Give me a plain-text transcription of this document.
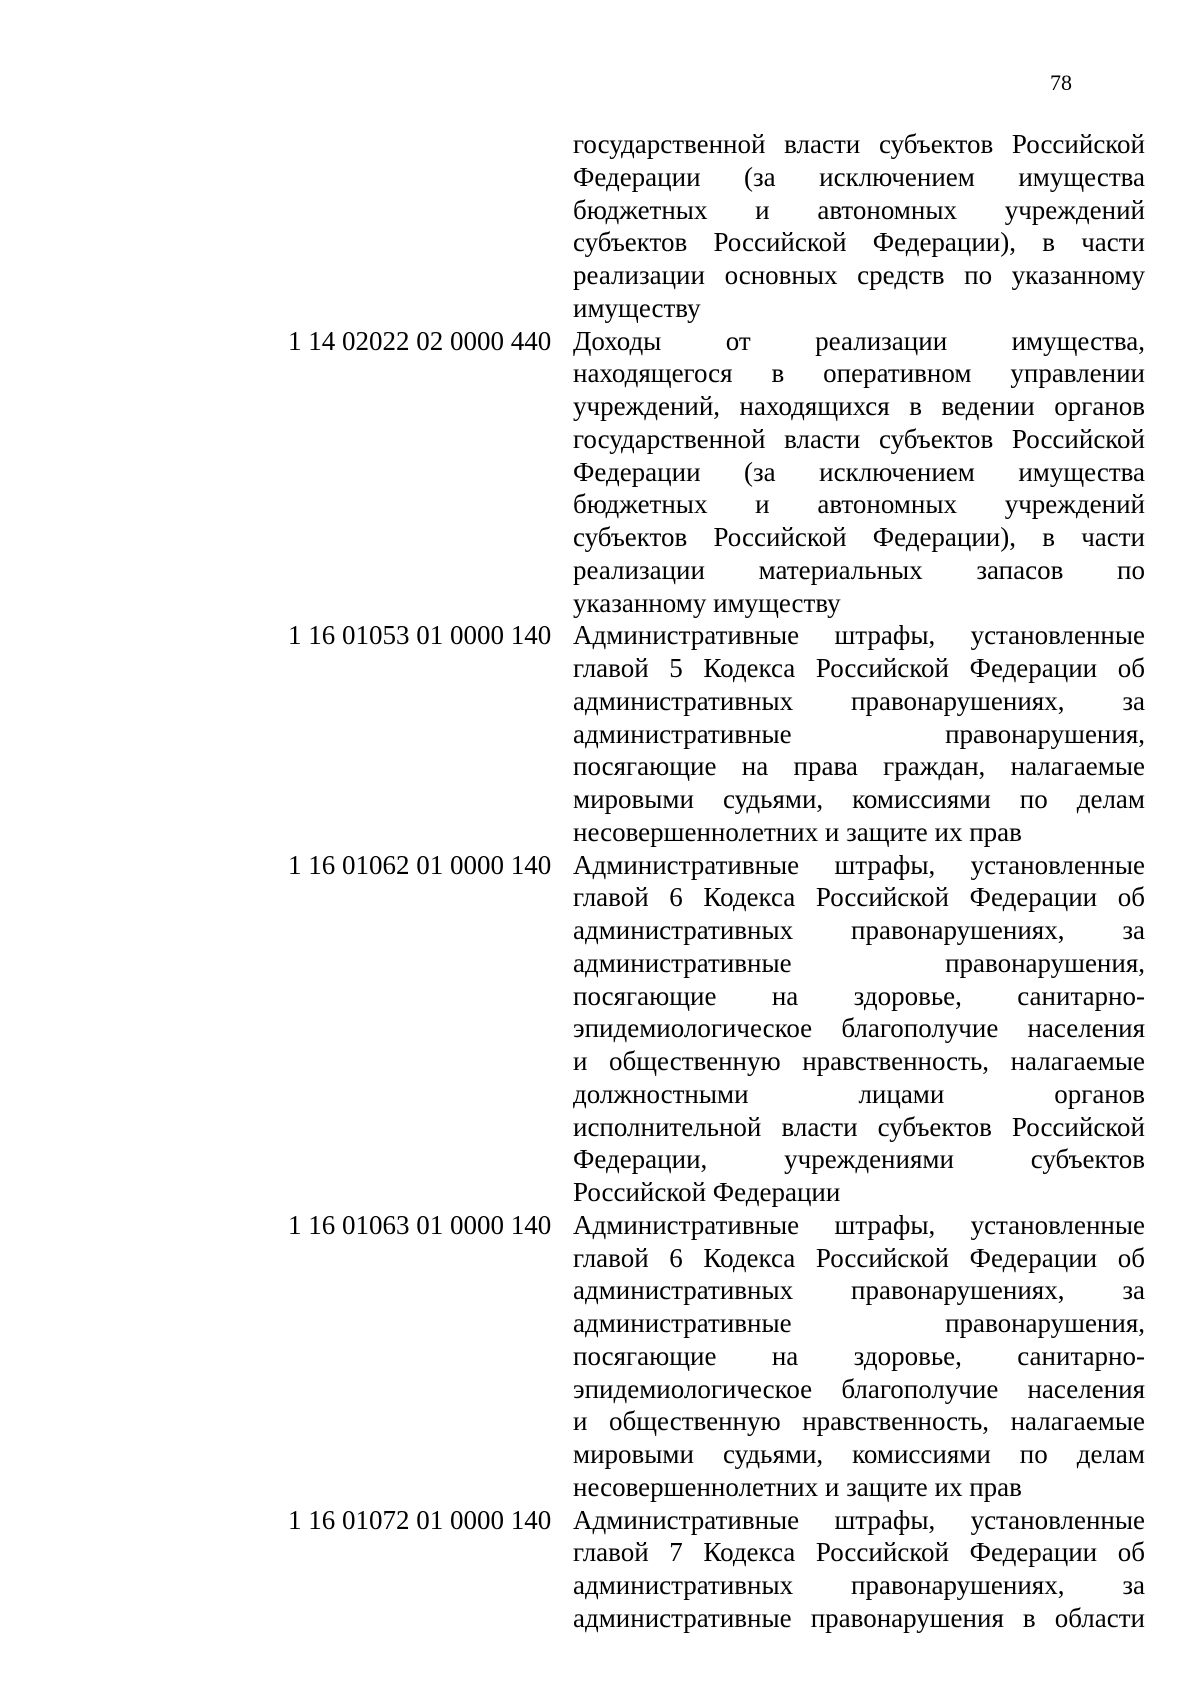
78
государственной власти субъектов Российской
Федерации (за исключением имущества
бюджетных и автономных учреждений
субъектов Российской Федерации), в части
реализации основных средств по указанному
имуществу
1 14 02022 02 0000 440 Доходы от реализации имущества,
находящегося в оперативном управлении
учреждений, находящихся в ведении органов
государственной власти субъектов Российской
Федерации (за исключением имущества
бюджетных и автономных учреждений
субъектов Российской Федерации), в части
реализации материальных запасов по
указанному имуществу
1 16 01053 01 0000 140 Административные штрафы, установленные
главой 5 Кодекса Российской Федерации об
административных правонарушениях, за
административные правонарушения,
посягающие на права граждан, налагаемые
мировыми судьями, комиссиями по делам
несовершеннолетних и защите их прав
1 16 01062 01 0000 140 Административные штрафы, установленные
главой 6 Кодекса Российской Федерации об
административных правонарушениях, за
административные правонарушения,
посягающие на здоровье, санитарно-
эпидемиологическое благополучие населения
и общественную нравственность, налагаемые
должностными лицами органов
исполнительной власти субъектов Российской
Федерации, учреждениями субъектов
Российской Федерации
1 16 01063 01 0000 140 Административные штрафы, установленные
главой 6 Кодекса Российской Федерации об
административных правонарушениях, за
административные правонарушения,
посягающие на здоровье, санитарно-
эпидемиологическое благополучие населения
и общественную нравственность, налагаемые
мировыми судьями, комиссиями по делам
несовершеннолетних и защите их прав
1 16 01072 01 0000 140 Административные штрафы, установленные
главой 7 Кодекса Российской Федерации об
административных правонарушениях, за
административные правонарушения в области
